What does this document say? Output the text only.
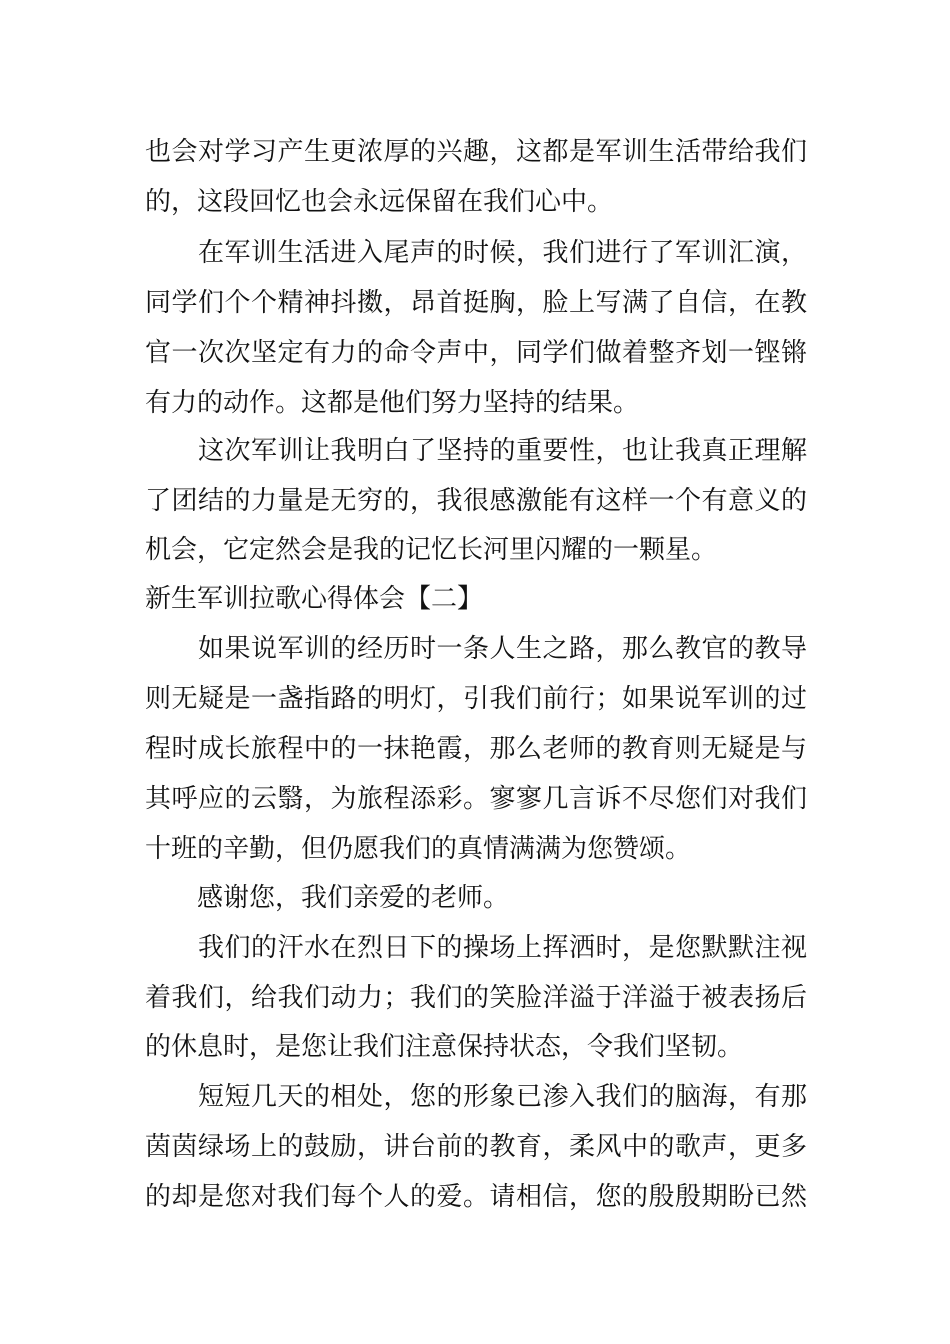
也会对学习产生更浓厚的兴趣，这都是军训生活带给我们
的，这段回忆也会永远保留在我们心中。
　　在军训生活进入尾声的时候，我们进行了军训汇演，
同学们个个精神抖擞，昂首挺胸，脸上写满了自信，在教
官一次次坚定有力的命令声中，同学们做着整齐划一铿锵
有力的动作。这都是他们努力坚持的结果。
　　这次军训让我明白了坚持的重要性，也让我真正理解
了团结的力量是无穷的，我很感激能有这样一个有意义的
机会，它定然会是我的记忆长河里闪耀的一颗星。
新生军训拉歌心得体会【二】
　　如果说军训的经历时一条人生之路，那么教官的教导
则无疑是一盏指路的明灯，引我们前行；如果说军训的过
程时成长旅程中的一抹艳霞，那么老师的教育则无疑是与
其呼应的云翳，为旅程添彩。寥寥几言诉不尽您们对我们
十班的辛勤，但仍愿我们的真情满满为您赞颂。
　　感谢您，我们亲爱的老师。
　　我们的汗水在烈日下的操场上挥洒时，是您默默注视
着我们，给我们动力；我们的笑脸洋溢于洋溢于被表扬后
的休息时，是您让我们注意保持状态，令我们坚韧。
　　短短几天的相处，您的形象已渗入我们的脑海，有那
茵茵绿场上的鼓励，讲台前的教育，柔风中的歌声，更多
的却是您对我们每个人的爱。请相信，您的殷殷期盼已然
